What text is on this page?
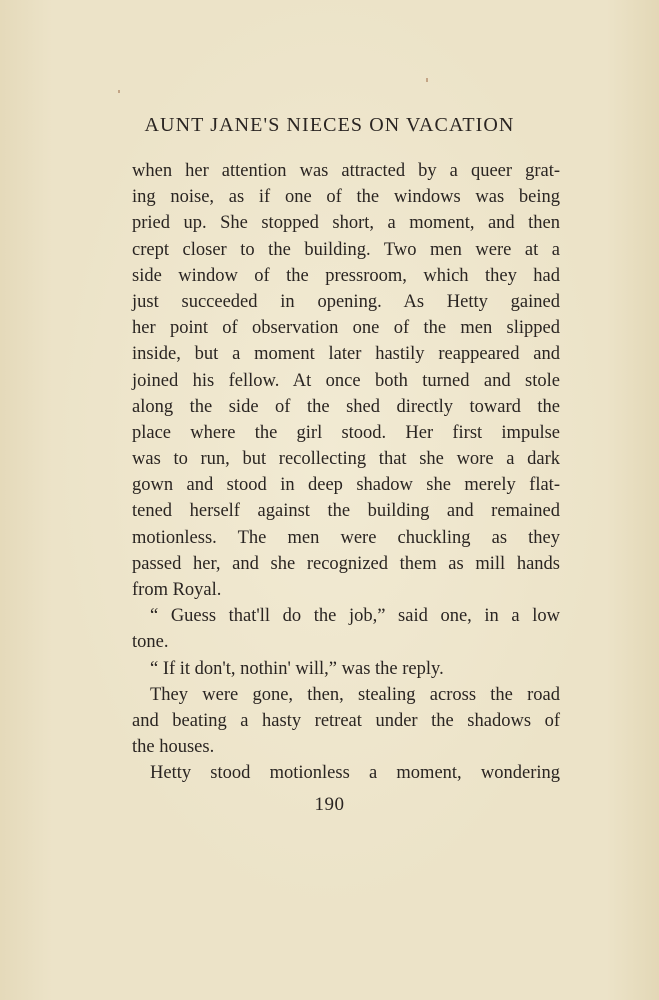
AUNT JANE'S NIECES ON VACATION
when her attention was attracted by a queer grat-
ing noise, as if one of the windows was being
pried up. She stopped short, a moment, and then
crept closer to the building. Two men were at a
side window of the pressroom, which they had
just succeeded in opening. As Hetty gained
her point of observation one of the men slipped
inside, but a moment later hastily reappeared and
joined his fellow. At once both turned and stole
along the side of the shed directly toward the
place where the girl stood. Her first impulse
was to run, but recollecting that she wore a dark
gown and stood in deep shadow she merely flat-
tened herself against the building and remained
motionless. The men were chuckling as they
passed her, and she recognized them as mill hands
from Royal.
“ Guess that'll do the job,” said one, in a low
tone.
“ If it don't, nothin' will,” was the reply.
They were gone, then, stealing across the road
and beating a hasty retreat under the shadows of
the houses.
Hetty stood motionless a moment, wondering
190
